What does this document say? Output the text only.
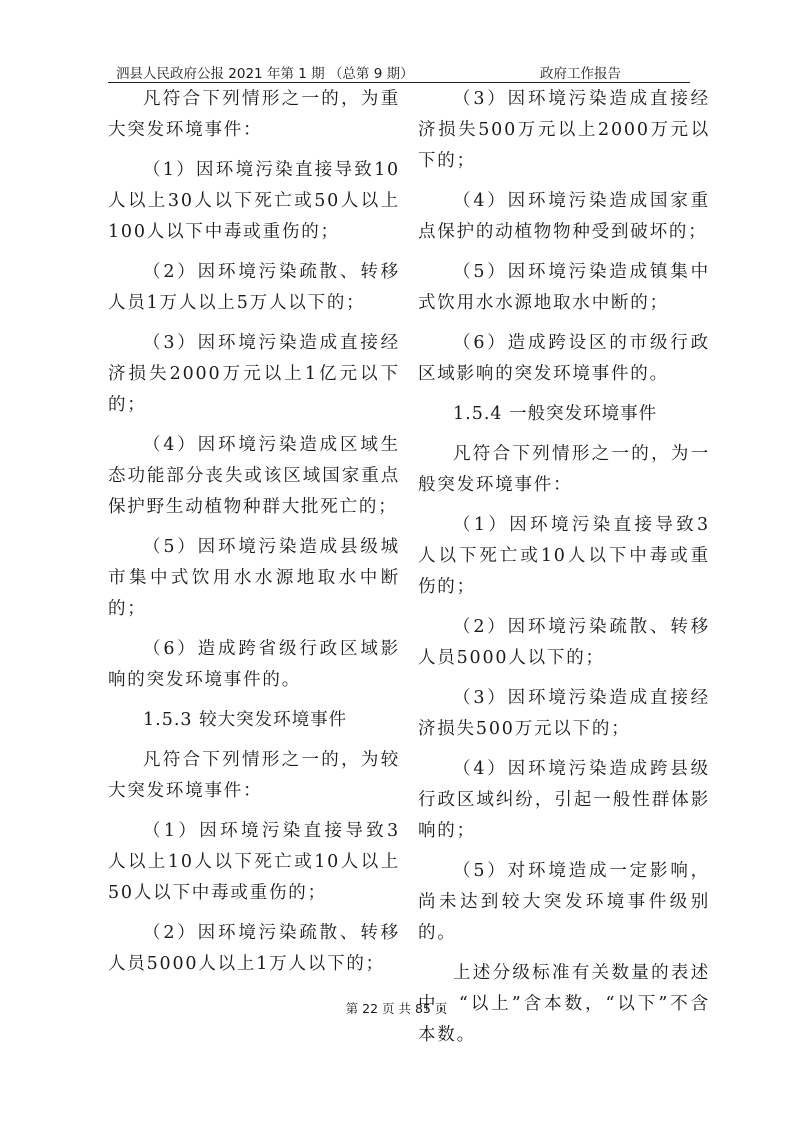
泗县人民政府公报 2021 年第 1 期 （总第 9 期）	政府工作报告

凡符合下列情形之一的，为重大突发环境事件：

（1）因环境污染直接导致10人以上30人以下死亡或50人以上100人以下中毒或重伤的；

（2）因环境污染疏散、转移人员1万人以上5万人以下的；

（3）因环境污染造成直接经济损失2000万元以上1亿元以下的；

（4）因环境污染造成区域生态功能部分丧失或该区域国家重点保护野生动植物种群大批死亡的；

（5）因环境污染造成县级城市集中式饮用水水源地取水中断的；

（6）造成跨省级行政区域影响的突发环境事件的。

1.5.3 较大突发环境事件

凡符合下列情形之一的，为较大突发环境事件：

（1）因环境污染直接导致3人以上10人以下死亡或10人以上50人以下中毒或重伤的；

（2）因环境污染疏散、转移人员5000人以上1万人以下的；

（3）因环境污染造成直接经济损失500万元以上2000万元以下的；

（4）因环境污染造成国家重点保护的动植物物种受到破坏的；

（5）因环境污染造成镇集中式饮用水水源地取水中断的；

（6）造成跨设区的市级行政区域影响的突发环境事件的。

1.5.4 一般突发环境事件

凡符合下列情形之一的，为一般突发环境事件：

（1）因环境污染直接导致3人以下死亡或10人以下中毒或重伤的；

（2）因环境污染疏散、转移人员5000人以下的；

（3）因环境污染造成直接经济损失500万元以下的；

（4）因环境污染造成跨县级行政区域纠纷，引起一般性群体影响的；

（5）对环境造成一定影响，尚未达到较大突发环境事件级别的。

上述分级标准有关数量的表述中，“以上”含本数，“以下”不含本数。

第 22 页 共 85 页
